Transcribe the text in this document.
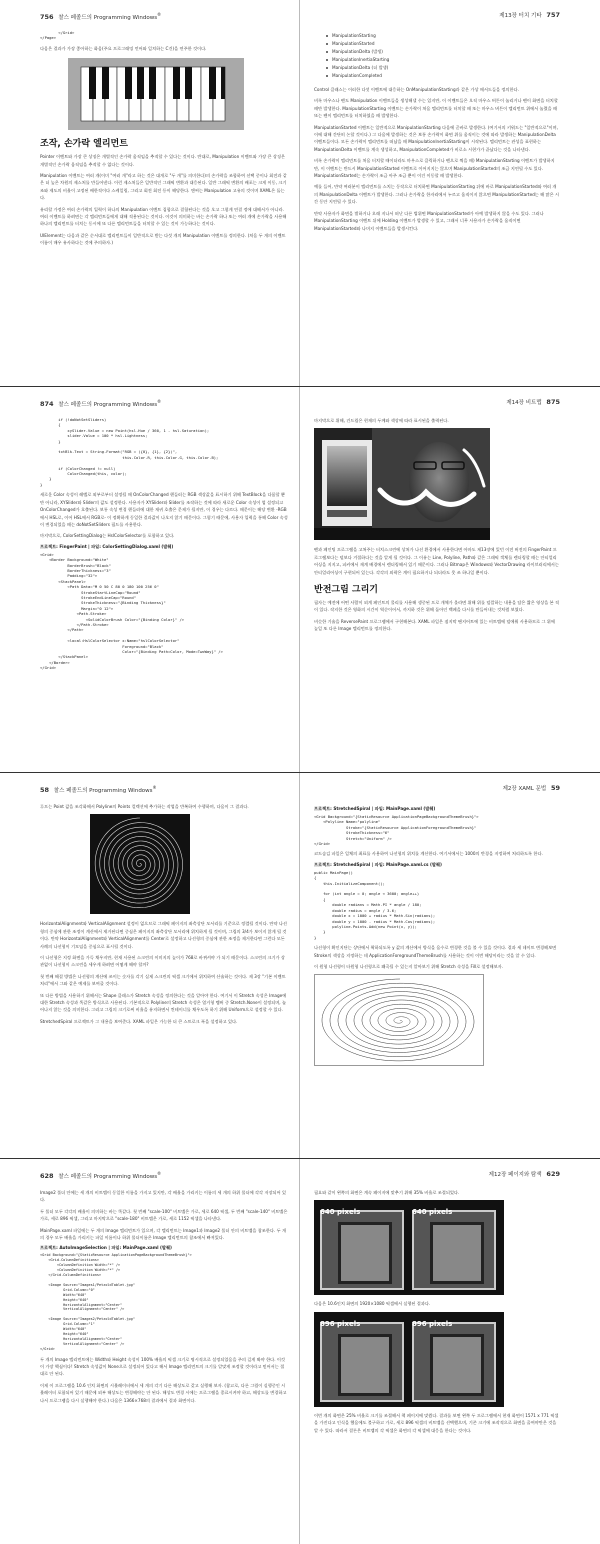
756 찰스 페졸드의 Programming Windows®
</Grid>
</Page>
다음은 결과가 가장 좋아하는 화음(주요 프로그래밍 언어와 일치하는 C건)을 연주한 것이다.
조작, 손가락 엘리먼트
Pointer 이벤트와 가장 큰 상징은 개별적인 손가락 움직임을 추적할 수 있다는 것이다. 반대로, Manipulation 이벤트와 가장 큰 상징은 개별적인 손가락 움직임을 추적할 수 없다는 것이다.
Manipulation 이벤트는 여러 개(이미 "여러 개"라고 하는 것은 대개로 "두 개"를 의미한다)의 손가락을 조합하여 선택 중이나 회전과 같은 더 높은 차원의 제스처를 만들어낸다. 이런 제스처들은 일반적인 그래픽 변환과 대응된다. 일반 그래픽 변환의 배포는 크게 이동, 크기조와 제도의 비율이 고정된 배한적이다 스케일링, 그리고 회전 회전 등이 해당한다. 앤씨는 Manipulation 고유의 것이며 XAML은 돕는다.
유리할 가정은 여러 손가락의 입력이 하나의 Manipulation 이벤트 집합으로 결합된다는 것을 오고 그렇게 연결 정에 대해서가 아니라. 여러 이벤트를 하려면는 각 엘리먼트들에게 대해 적용된다는 것이다. 이것이 의미하는 바는 손가락 하나 또는 여러 개에 손가락을 사용해 하나의 엘리먼트를 터치는 동시에 또 다른 엘리먼트들을 터치할 수 있는 것이 가능하다는 것이다.
UIElement는 다음과 같은 순서대로 엘리먼트들이 일반적으로 받는 다섯 개의 Manipulation 이벤트를 정의한다. (처음 두 개의 이벤트 이름이 매우 유사하다는 것에 주의하자.)
제13장 터치 기타 757
ManipulationStarting
ManipulationStarted
ManipulationDelta (발생)
ManipulationInertiaStarting
ManipulationDelta (더 발생)
ManipulationCompleted
Control 클래스는 이러한 다섯 이벤트에 대응하는 OnManipulationStarting과 같은 가상 메서드들을 정의한다.
비록 마우스나 펜도 Manipulation 이벤트들을 생성해낼 수는 있지만, 이 이벤트들은 오직 마우스 버튼이 눌리거나 펜이 화면을 터치할 때만 발생한다. ManipulationStarting 이벤트는 손가락이 처음 엘리먼트를 터치할 때 또는 마우스 버튼이 엘리먼트 위에서 눌렸을 때 또는 펜이 엘리먼트를 터치하였을 때 발생한다.
ManipulationStarted 이벤트는 일반적으로 ManipulationStarting 다음에 곧바로 발생한다. (여기서의 키워드는 "일반적으로"이며, 이에 대해 간단히 논할 것이다.) 그 다음에 발생하는 것은 보통 손가락이 화면 위를 움직이는 것에 따라 발생하는 ManipulationDelta 이벤트들이다. 모든 손가락이 엘리먼트를 떠났을 때 ManipulationInertiaStarting이 시작된다. 엘리먼트는 관성을 표현하는 ManipulationDelta 이벤트를 계속 생성하고, ManipulationCompleted가 비로소 시현가가 끝났다는 것을 나타낸다.
비록 손가락이 엘리먼트를 처음 터치할 때이더라도 마우스로 클릭하거나 펜으로 찍을 때) ManipulationStarting 이벤트가 발생하지만, 이 이벤트는 반드시 ManipulationStarted 이벤트로 이어지지는 않으며 ManipulationStarted의 조금 지연될 수도 있다. ManipulationStarted는 손가락이 조금 아주 조금 뿐이 이건 이동할 때 발생한다.
예를 들어, 만약 여러분이 엘리먼트를 스치는 동작으로 터치하면 ManipulationStarting 뒤에 바로 ManipulationStarted와 여러 개의 ManipulationDelta 이벤트가 발생한다. 그러나 손가락을 한자리에서 누르고 움직이지 않으면 ManipulationStarted는 해 많은 시간 동안 지연될 수 있다.
만약 사용자가 화면을 별하거나 오래 지나서 떠난 다른 법위면 ManipulationStarted가 아예 발생하지 않을 수도 있다. 그러나 ManipulationStarting 이벤트 뒤에 Holding 이벤트가 발생할 수 있고, 그래서 너무 사용자가 손가락을 움직이면 ManipulationStarted와 나머지 이벤트들을 발생시킨다.
874 찰스 페졸드의 Programming Windows®
if (!doNotSetSliders)
{
xySlider.Value = new Point(hsl.Hue / 360, 1 - hsl.Saturation);
slider.Value = 100 * hsl.Lightness;
}

txtBlk.Text = String.Format("RGB = ({0}, {1}, {2})",
this.Color.R, this.Color.G, this.Color.B);

if (ColorChanged != null)
ColorChanged(this, color);
}
}
새로운 Color 속성이 레벨로 외부로부터 설정될 때 OnColorChanged 핸들러는 RGB 색상값을 표시하기 위해 TextBlock을 다룸할 뿐만 아니라, XYSlider와 Slider의 값도 설정한다. 사용자가 XYSlider와 Slider를 조작하는 것에 따라 새로운 Color 속성이 업 설정되고 OnColorChanged가 호출된다. 보통 속성 변경 핸들러에 대한 재귀 호출은 문제가 될지만, 이 경우는 다르다. 때문이는 해당 변환 -RGB에서 HSL로, 이어 HSL에서 RGB로- 이 정확하게 동일한 결과값이 나오지 않기 때문이다. 그렇기 때문에, 사용자 입력을 통해 Color 속성이 변경되었을 때는 doNotSetSliders 필드를 사용한다.
마지막으로, ColorSettingDialog는 HslColorSelector를 포함하고 있다.
프로젝트: FingerPaint | 파일: ColorSettingDialog.xaml (발췌)
<Grid>
<Border Background="White"
BorderBrush="Black"
BorderThickness="3"
Padding="32">
<StackPanel>
<Path Data="M 0 50 C 80 0 180 100 256 0"
StrokeStartLineCap="Round"
StrokeEndLineCap="Round"
StrokeThickness="{Binding Thickness}"
Margin="0 12">
<Path.Stroke>
<SolidColorBrush Color="{Binding Color}" />
</Path.Stroke>
</Path>

<local:HslColorSelector x:Name="hslColorSelector"
Foreground="Black"
Color="{Binding Path=Color, Mode=TwoWay}" />
</StackPanel>
</Border>
</Grid>
제14장 비트맵 875
마지막으로 위해, 건드림은 현재의 두께와 색상에 따라 표시된을 출력된다.
펜과 폐인팅 프로그램을 고쳐주는 터치스크린에 상처가 나선 환경에서 사용한다면 아마도 제13장에 있던 이전 버전의 FingerPaint 프로그램보다는 덜보다 겨절하다는 것을 알게 될 것이다. 그 이유는 Line, Polyline, Path와 같은 그래픽 객체를 렌더링할 때는 안티얼리어싱을 지지고, 피커에서 재계 배경에서 렌더링해서 있기 때문이다. 그러나 Bitmap은 Windows와 VectorDrawing 라이브러리에서는 안티얼리어싱이 구현되어 있는다. 각각의 외곽은 계이 필요하거나 되더라도 못 쓰 하나일 뿐이다.
반전그림 그리기
필자는 예전에 어떤 사람이 외계 페인트의 물리를 사용해 생중된 프로 개체가 올라면 위해 위를 덮깔하는 내용을 담은 짧은 영상을 본 적이 있다. 작지한 것은 영화의 시간이 역순이어서, 까지하 것은 위해 돌아인 백페을 다시를 만들어내는 것처럼 보였다.
비슷한 기술을 ReversePaint 프로그램에서 구현해본다. XAML 파일은 점지막 팬지어트에 있는 비트맵에 덮에워 사용하므로 그 위에 높일 또 다른 Image 엘리먼트를 정의한다.
58 찰스 페졸드의 Programming Windows®
루프는 Point 값을 조각화해서 Polyline의 Points 컬렉션에 추가하는 작업을 반복하여 수행하며, 다음이 그 결과다.
HorizontalAlignment와 VerticalAlignment 설정이 없으므로 그래픽 페이지의 좌측상단 모서리를 기준으로 정렬될 것이다. 만약 나선형의 중심에 관한 조정이 계산에서 제거된다면 중심은 페이지의 좌측상단 모서리에 위치하게 될 것이며, 그림의 3/4가 보이지 않게 될 것이다. 만약 HorizontalAlignment와 VerticalAlignment를 Center로 설정하고 나선형의 중심에 관한 조정을 제거한다면 그런다 모든 사례의 나선형이 기모임을 중심으로 표시될 것이다.
이 나선형은 지정 화면을 가득 채우지만, 현재 사용된 스크린의 이미지의 높이가 768로 바뀌셔야 가 되기 때문이다. 스크린의 크기가 상관없이 나선형이 스크린을 세우게 하려면 어떻게 해야 할까?
첫 번째 해결 방법은 나선형의 계산에 쓰이는 숫자를 각기 실제 스크린의 픽셀 크기에서 위치하여 산술하는 것이다. 제 3장 "기본 이벤트 처리"에서 그와 같은 예제를 보여줄 것이다.
또 다른 방법을 사용하기 위해서는 Shape 클래스가 Stretch 속성을 정의한다는 것을 알아야 한다. 여기서 이 Stretch 속성은 Image에 대한 Stretch 속성과 똑같은 방식으로 사용된다. 기본적으로 Polyline의 Stretch 속성은 열거형 멤버 중 Stretch.None이 설정되며, 늘어나지 않는 것을 의미한다. 그러고 그림의 크기로써 비율을 유지하면서 컨테이너를 채우도록 하기 위해 Uniform으로 설정할 수 있다.
StretchedSpiral 프로젝트가 그 내용을 보여준다. XAML 파일은 가능한 더 큰 스트로크 폭을 설정하고 있다.
제2장 XAML 문법 59
프로젝트: StretchedSpiral | 파일: MainPage.xaml (발췌)
<Grid Background="{StaticResource ApplicationPageBackgroundThemeBrush}">
<Polyline Name="polyline"
Stroke="{StaticResource ApplicationForegroundThemeBrush}"
StrokeThickness="6"
Stretch="Uniform" />
</Grid>
코드숨김 파일은 일체의 최표를 사용하여 나선형의 위치를 계산한다. 여기서에서는 1000의 반경을 지정하여 처리하도록 한다.
프로젝트: StretchedSpiral | 파일: MainPage.xaml.cs (발췌)
public MainPage()
{
this.InitializeComponent();

for (int angle = 0; angle < 3600; angle++)
{
double radians = Math.PI * angle / 180;
double radius = angle / 3.6;
double x = 1000 + radius * Math.Sin(radians);
double y = 1000 - radius * Math.Cos(radians);
polyline.Points.Add(new Point(x, y));
}
}
나선형이 확인지단는 상단에서 꽉하되도록 y 값의 계산에서 방식을 음수로 변경한 것을 볼 수 있을 것이다. 결과 세 데이트 변경해보면 Stroke의 색상을 지정하는 데 ApplicationForegroundThemeBrush를 사용하는 것이 이번 해당이라는 것을 알 수 있다.
이 원형 나선형이 타원형 나선형으로 왜곡될 수 있는지 알아보기 위해 Stretch 속성을 Fill로 설정해보자.
628 찰스 페졸드의 Programming Windows®
Image2 폴더 안에는 세 개의 비트맵이 동일한 이름을 가지고 있지만, 각 배율을 가리키는 이름의 세 개의 하위 폴더에 각각 저장되어 있다.
두 폴더 모두 각각의 배율이 의미하는 바는 똑같다. 첫 번째 "scale-100" 비트맵은 가로, 세로 640 픽셀, 두 번째 "scale-140" 비트맵은 가로, 세로 896 픽셀, 그리고 마지막으로 "scale-180" 비트맵은 가로, 세로 1152 픽셀을 나타낸다.
MainPage.xaml 파일에는 두 개의 Image 엘리먼트가 있으며, 각 엘리먼트는 Image1과 Image2 폴더 안의 비트맵을 참조한다. 두 개의 경우 모두 배율을 가리키는 파일 이름이나 하위 폴더이름은 Image 엘리먼트의 참조에서 빠져있다.
프로젝트: AutoImageSelection | 파일: MainPage.xaml (발췌)
<Grid Background="{StaticResource ApplicationPageBackgroundThemeBrush}">
<Grid.ColumnDefinitions>
<ColumnDefinition Width="*" />
<ColumnDefinition Width="*" />
</Grid.ColumnDefinitions>

<Image Source="Images1/PetzoldTablet.jpg"
Grid.Column="0"
Width="640"
Height="640"
HorizontalAlignment="Center"
VerticalAlignment="Center" />

<Image Source="Images2/PetzoldTablet.jpg"
Grid.Column="1"
Width="640"
Height="640"
HorizontalAlignment="Center"
VerticalAlignment="Center" />
</Grid>
두 개의 Image 엘리먼트에는 Width와 Height 속성이 100% 배율의 픽셀 크기로 명시적으로 설정되었음을 주의 깊게 봐야 한다. 이것이 가장 핵심이다! Stretch 속성값이 None으로 설정되어 있다고 해서 Image 엘리먼트의 크기를 알맞게 조정할 것이라고 믿어서는 절대로 안 된다.
이제 이 프로그램을 10.6 인치 화면의 시뮬레이터에서 세 개의 각기 다른 해상도로 갖고 실행해 보자. (참고로, 다른 그림이 실행중인 시뮬레이터 포함되어 있기 때문에 외부 해상도는 변경해야는 안 된다. 해상도 변경 시에는 프로그램을 종료시켜야 하고, 해상도를 변경하고 나서 프로그램을 다시 실행해야 한다.) 다음은 1366×768의 결과에서 결과 화면이다.
제12장 페이지와 탐색 629
필요와 같이 왼쪽의 화면은 계속 폐이지에 맞추기 위해 35% 비율로 조절되었다.
640 pixels	640 pixels
다음은 10.6인치 화면의 1920×1080 픽셀에서 실행된 결과다.
896 pixels	896 pixels
이번 개의 화면은 25% 비율로 크기를 조절해서 책 페이지에 맞췄다. 결과를 보면 왼쪽 두 프로그램에서 현재 화면이 1571 x 771 픽셀을 가진다고 인식을 했음에도 불구하고 가로, 세로 896 픽셀의 비트맵을 선택했으며, 기존 크기에 조작적으로 화면을 줄여야만은 것을 알 수 있다. 따라서 결론은 비트맵의 각 픽셀은 화면의 각 픽셀에 대응을 한다는 것이다.
